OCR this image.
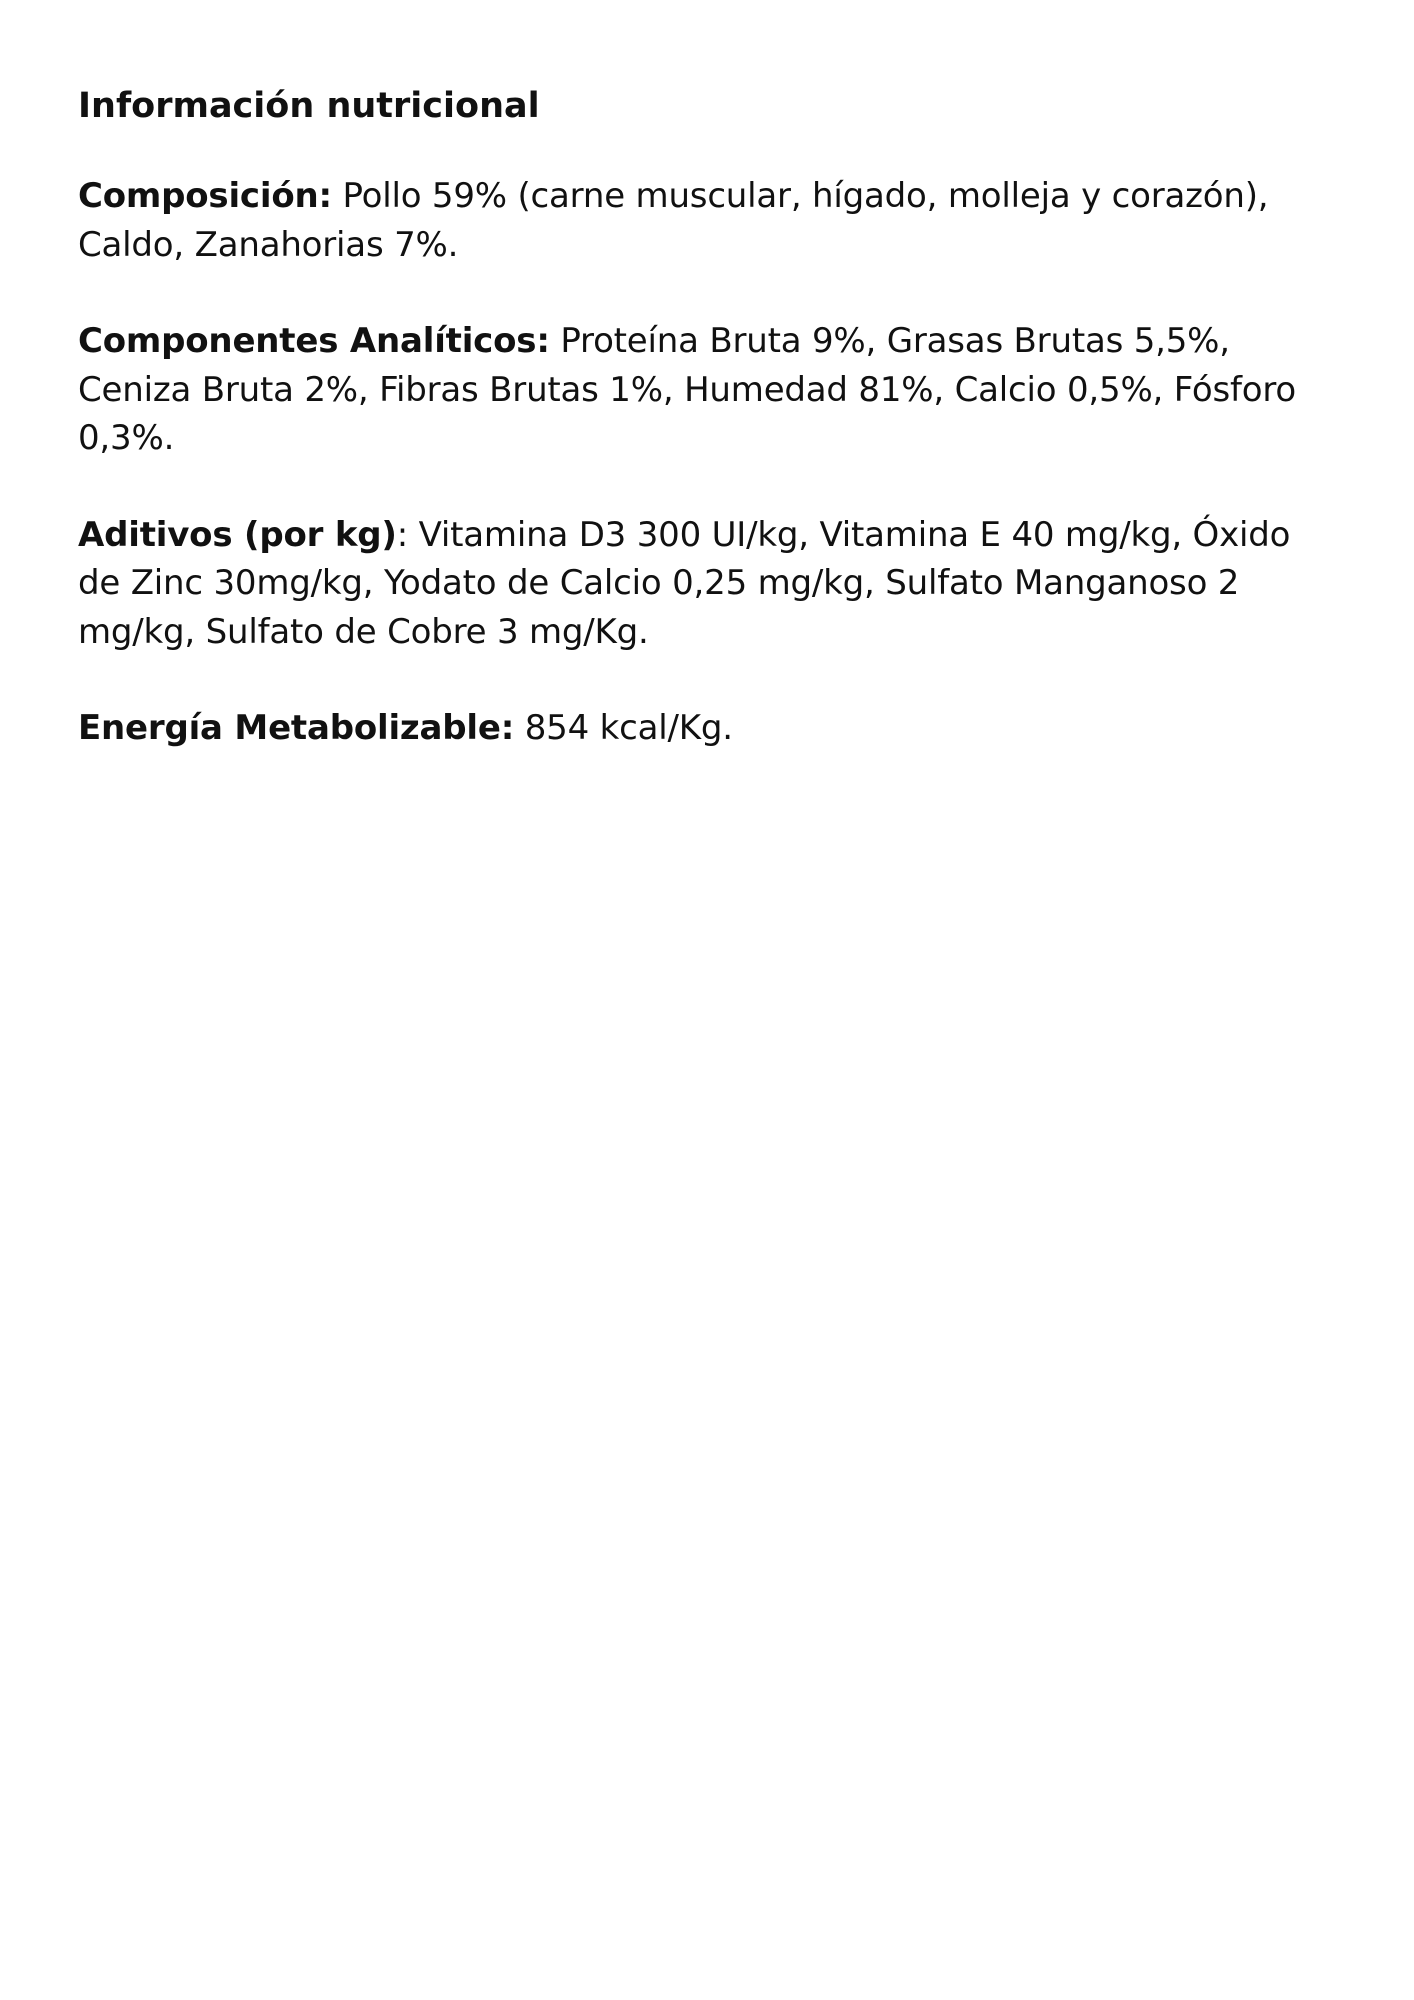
Información nutricional

Composición: Pollo 59% (carne muscular, hígado, molleja y corazón), Caldo, Zanahorias 7%.

Componentes Analíticos: Proteína Bruta 9%, Grasas Brutas 5,5%, Ceniza Bruta 2%, Fibras Brutas 1%, Humedad 81%, Calcio 0,5%, Fósforo 0,3%.

Aditivos (por kg): Vitamina D3 300 UI/kg, Vitamina E 40 mg/kg, Óxido de Zinc 30mg/kg, Yodato de Calcio 0,25 mg/kg, Sulfato Manganoso 2 mg/kg, Sulfato de Cobre 3 mg/Kg.

Energía Metabolizable: 854 kcal/Kg.
